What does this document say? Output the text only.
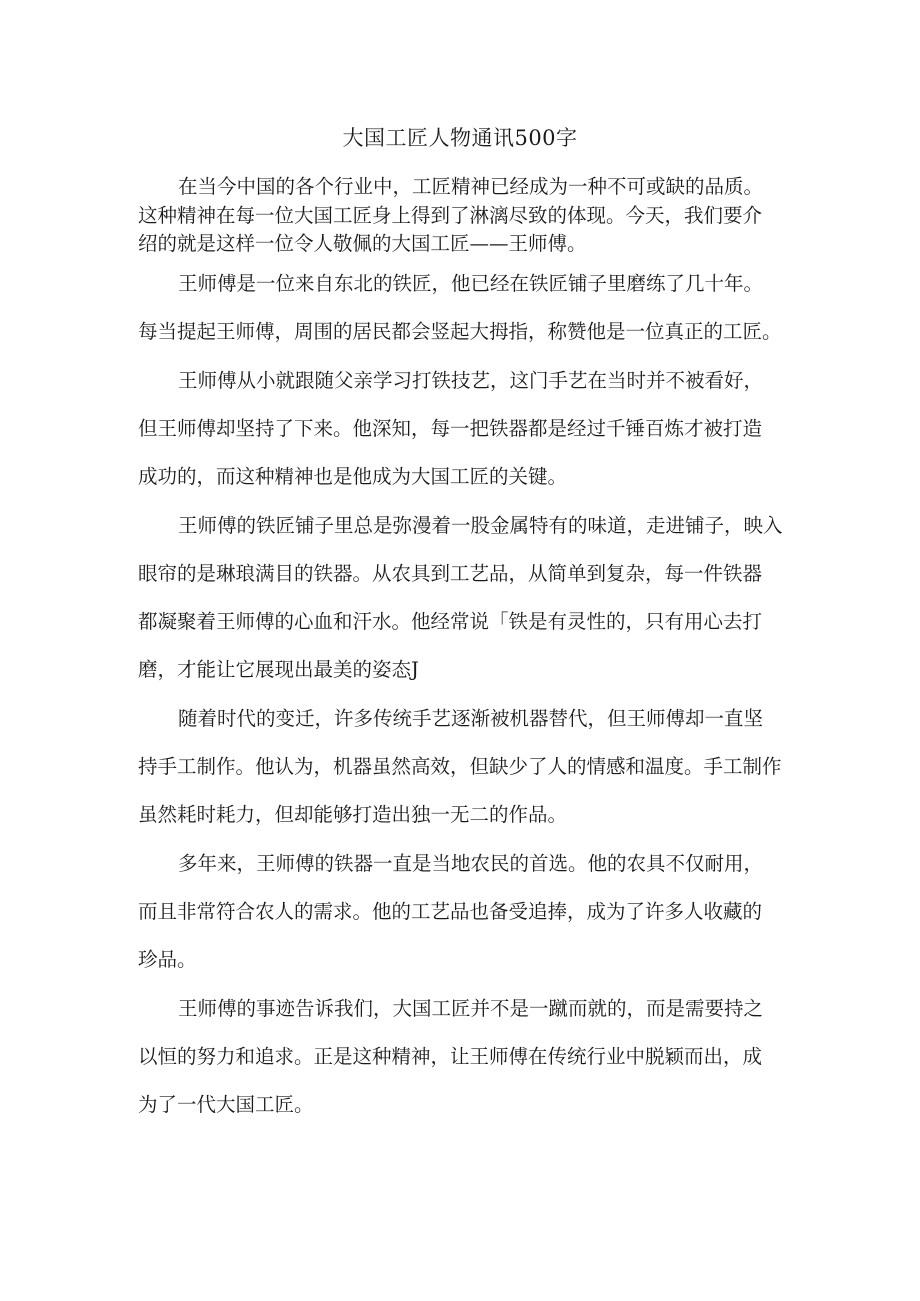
大国工匠人物通讯500字
在当今中国的各个行业中，工匠精神已经成为一种不可或缺的品质。
这种精神在每一位大国工匠身上得到了淋漓尽致的体现。今天，我们要介
绍的就是这样一位令人敬佩的大国工匠——王师傅。
王师傅是一位来自东北的铁匠，他已经在铁匠铺子里磨练了几十年。
每当提起王师傅，周围的居民都会竖起大拇指，称赞他是一位真正的工匠。
王师傅从小就跟随父亲学习打铁技艺，这门手艺在当时并不被看好，
但王师傅却坚持了下来。他深知，每一把铁器都是经过千锤百炼才被打造
成功的，而这种精神也是他成为大国工匠的关键。
王师傅的铁匠铺子里总是弥漫着一股金属特有的味道，走进铺子，映入
眼帘的是琳琅满目的铁器。从农具到工艺品，从简单到复杂，每一件铁器
都凝聚着王师傅的心血和汗水。他经常说「铁是有灵性的，只有用心去打
磨，才能让它展现出最美的姿态J
随着时代的变迁，许多传统手艺逐渐被机器替代，但王师傅却一直坚
持手工制作。他认为，机器虽然高效，但缺少了人的情感和温度。手工制作
虽然耗时耗力，但却能够打造出独一无二的作品。
多年来，王师傅的铁器一直是当地农民的首选。他的农具不仅耐用，
而且非常符合农人的需求。他的工艺品也备受追捧，成为了许多人收藏的
珍品。
王师傅的事迹告诉我们，大国工匠并不是一蹴而就的，而是需要持之
以恒的努力和追求。正是这种精神，让王师傅在传统行业中脱颖而出，成
为了一代大国工匠。
